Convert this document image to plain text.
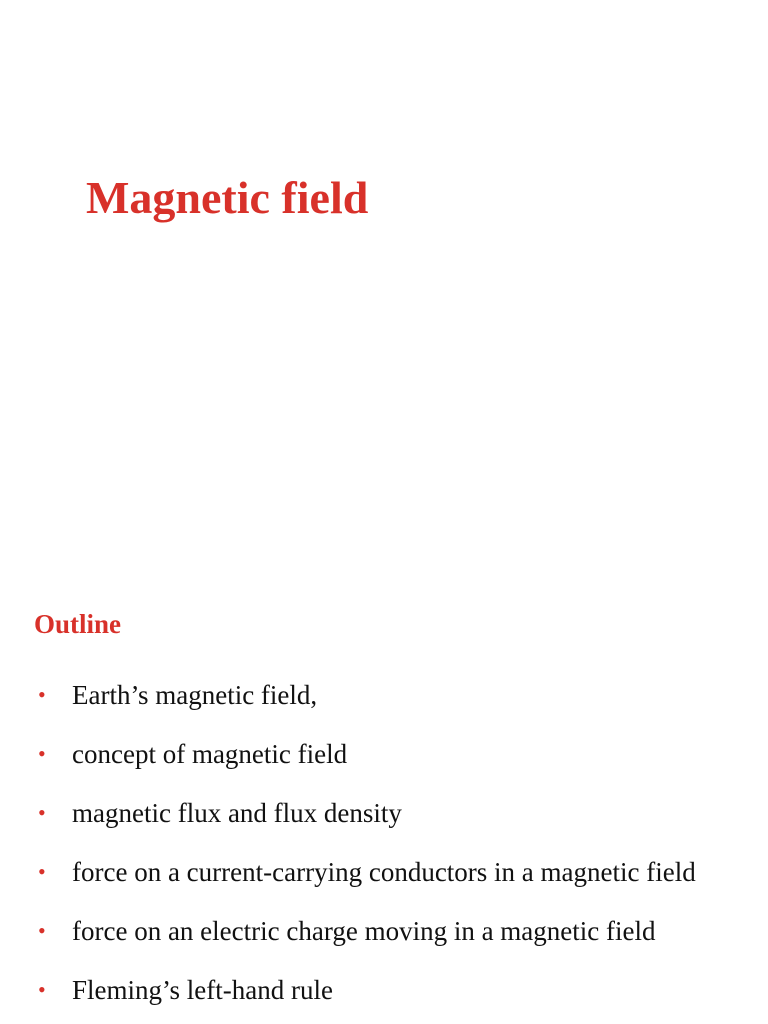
Magnetic field
Outline
• Earth’s magnetic field,
• concept of magnetic field
• magnetic flux and flux density
• force on a current-carrying conductors in a magnetic field
• force on an electric charge moving in a magnetic field
• Fleming’s left-hand rule
